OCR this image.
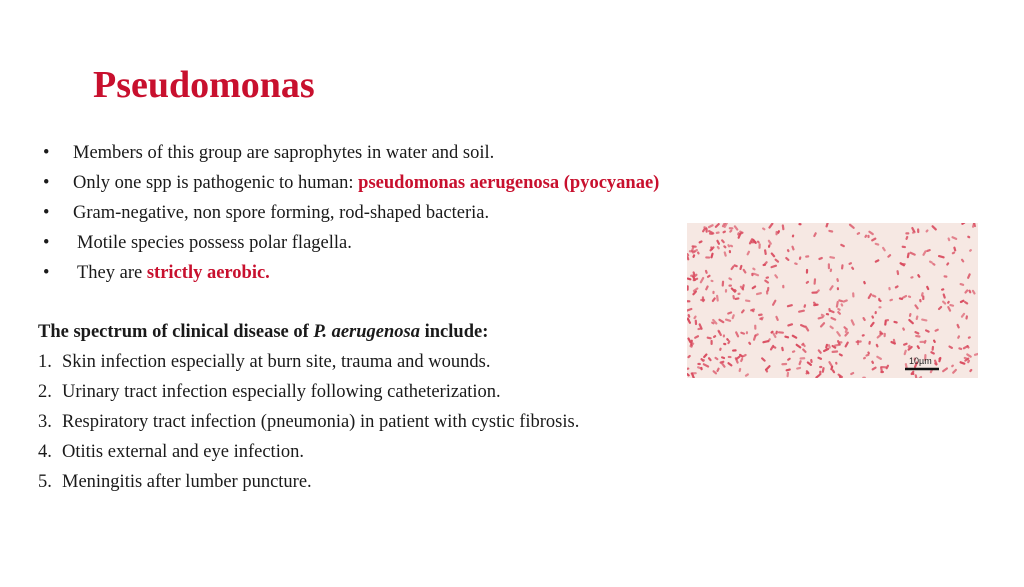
Pseudomonas
•	Members of this group are saprophytes in water and soil.
•	Only one spp is pathogenic to human: pseudomonas aerugenosa (pyocyanae)
•	Gram-negative, non spore forming, rod-shaped bacteria.
•	Motile species possess polar flagella.
•	They are strictly aerobic.
The spectrum of clinical disease of P. aerugenosa include:
1. Skin infection especially at burn site, trauma and wounds.
2. Urinary tract infection especially following catheterization.
3. Respiratory tract infection (pneumonia) in patient with cystic fibrosis.
4. Otitis external and eye infection.
5. Meningitis after lumber puncture.
10µm
